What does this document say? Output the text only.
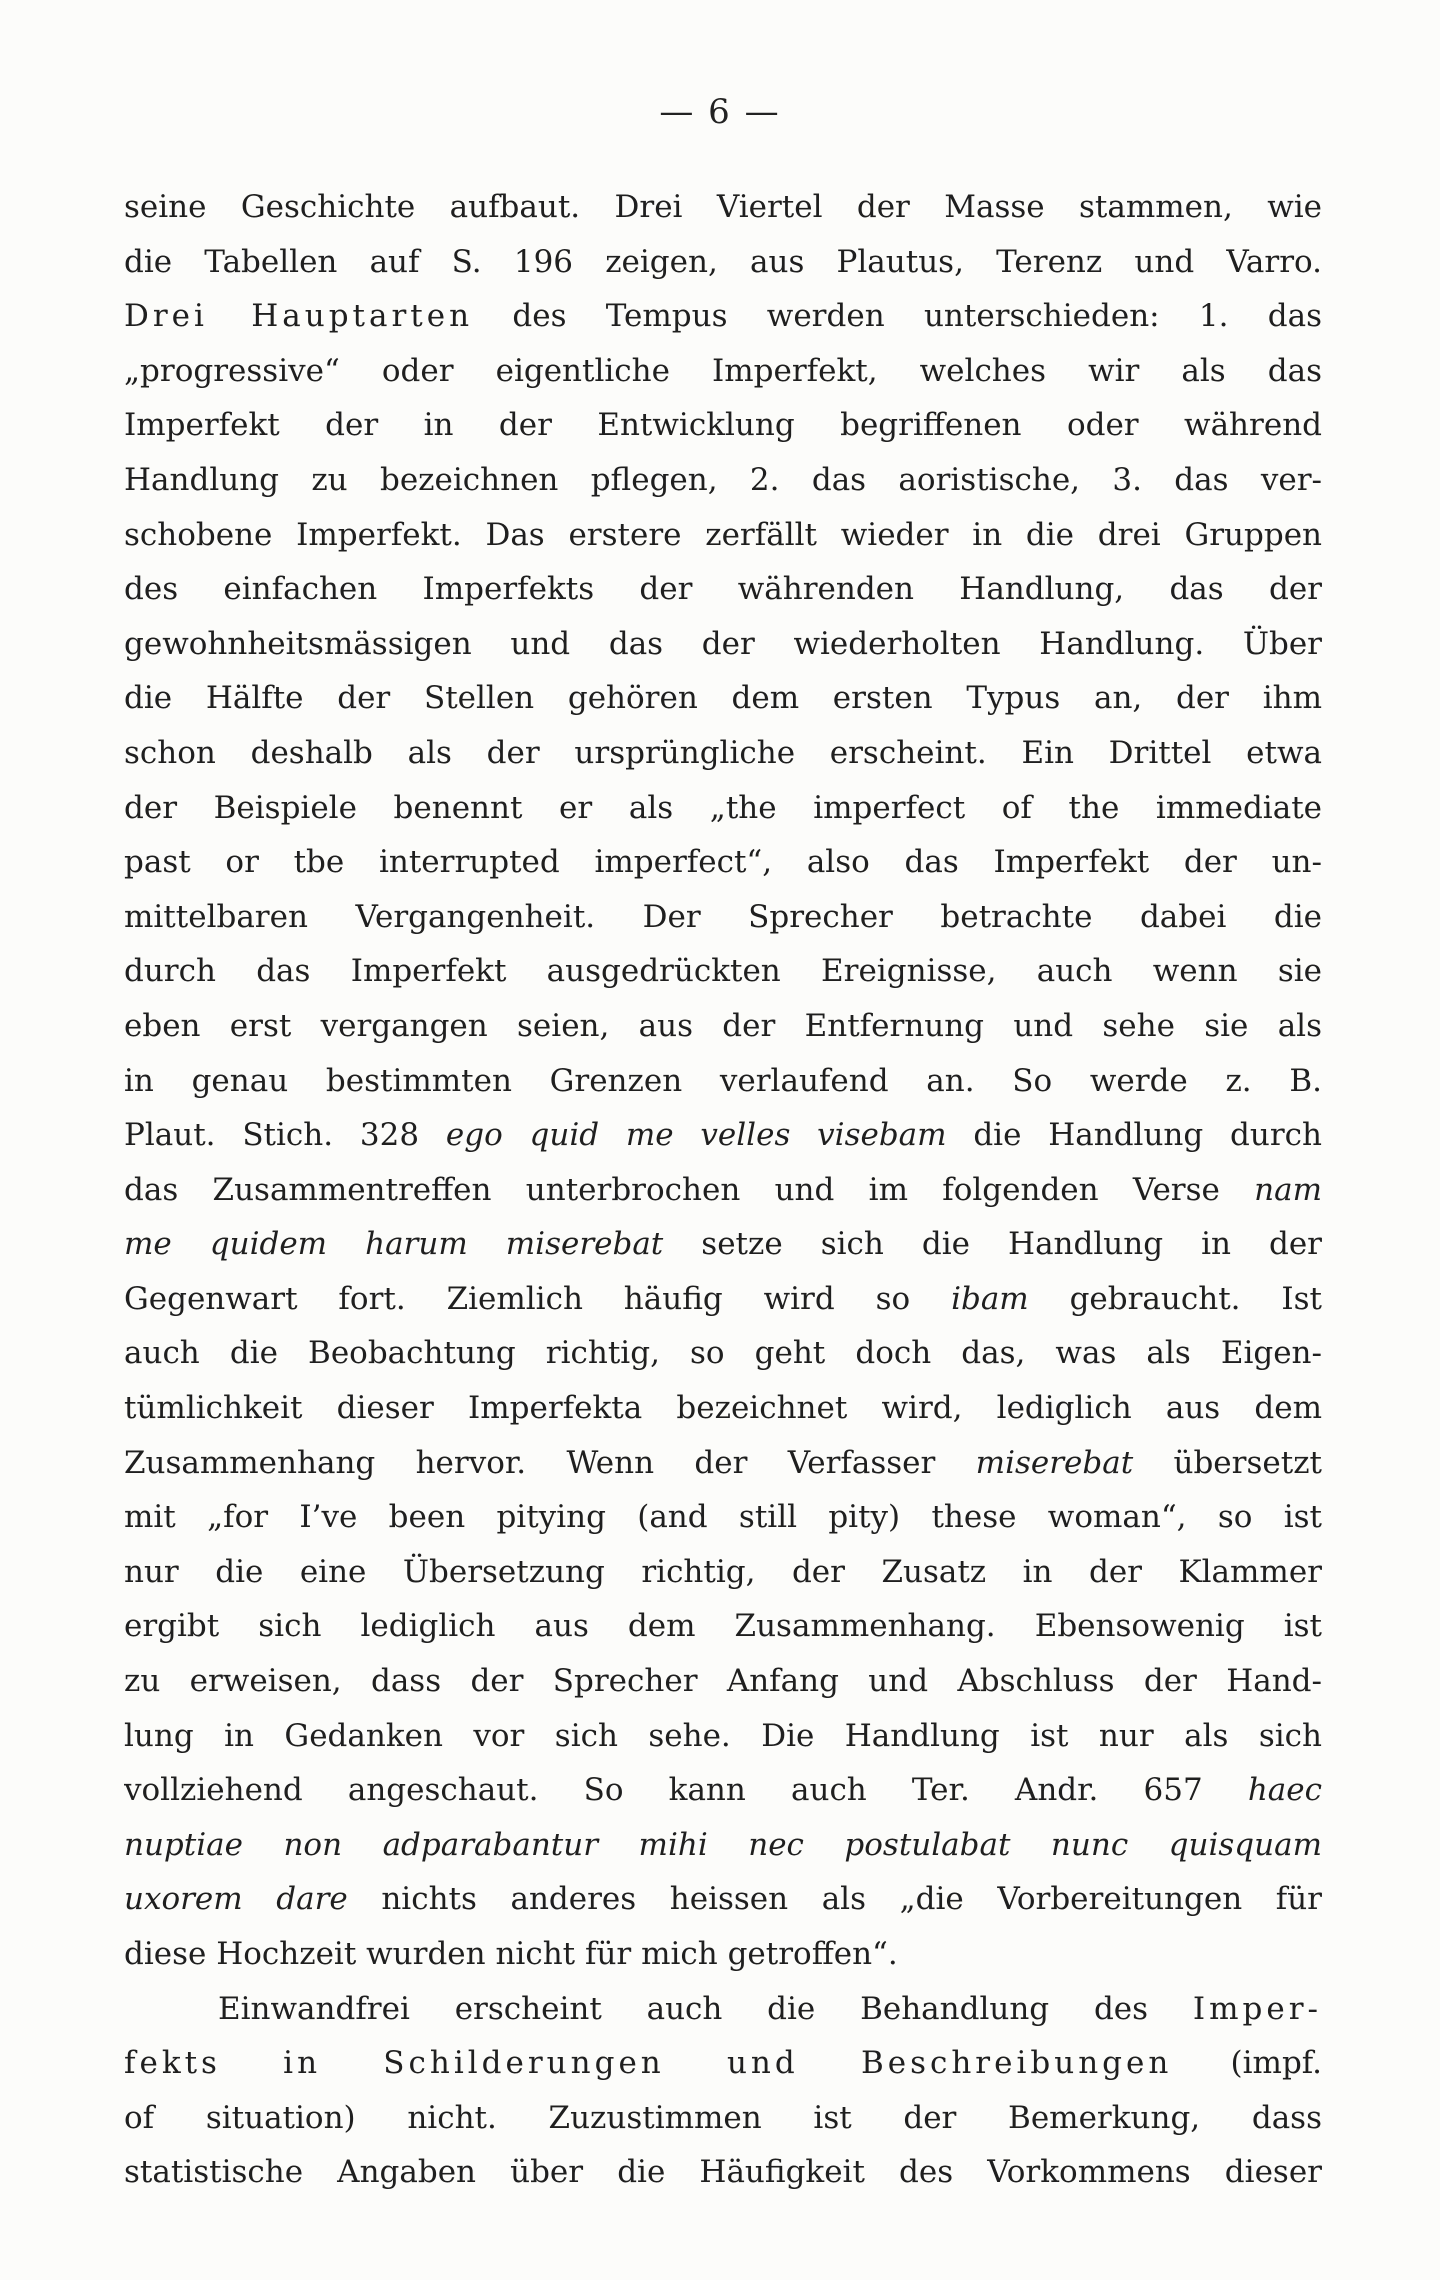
— 6 —
seine Geschichte aufbaut. Drei Viertel der Masse stammen, wie
die Tabellen auf S. 196 zeigen, aus Plautus, Terenz und Varro.
Drei Hauptarten des Tempus werden unterschieden: 1. das
„progressive“ oder eigentliche Imperfekt, welches wir als das
Imperfekt der in der Entwicklung begriffenen oder während
Handlung zu bezeichnen pflegen, 2. das aoristische, 3. das ver-
schobene Imperfekt. Das erstere zerfällt wieder in die drei Gruppen
des einfachen Imperfekts der währenden Handlung, das der
gewohnheitsmässigen und das der wiederholten Handlung. Über
die Hälfte der Stellen gehören dem ersten Typus an, der ihm
schon deshalb als der ursprüngliche erscheint. Ein Drittel etwa
der Beispiele benennt er als „the imperfect of the immediate
past or tbe interrupted imperfect“, also das Imperfekt der un-
mittelbaren Vergangenheit. Der Sprecher betrachte dabei die
durch das Imperfekt ausgedrückten Ereignisse, auch wenn sie
eben erst vergangen seien, aus der Entfernung und sehe sie als
in genau bestimmten Grenzen verlaufend an. So werde z. B.
Plaut. Stich. 328 ego quid me velles visebam die Handlung durch
das Zusammentreffen unterbrochen und im folgenden Verse nam
me quidem harum miserebat setze sich die Handlung in der
Gegenwart fort. Ziemlich häufig wird so ibam gebraucht. Ist
auch die Beobachtung richtig, so geht doch das, was als Eigen-
tümlichkeit dieser Imperfekta bezeichnet wird, lediglich aus dem
Zusammenhang hervor. Wenn der Verfasser miserebat übersetzt
mit „for I’ve been pitying (and still pity) these woman“, so ist
nur die eine Übersetzung richtig, der Zusatz in der Klammer
ergibt sich lediglich aus dem Zusammenhang. Ebensowenig ist
zu erweisen, dass der Sprecher Anfang und Abschluss der Hand-
lung in Gedanken vor sich sehe. Die Handlung ist nur als sich
vollziehend angeschaut. So kann auch Ter. Andr. 657 haec
nuptiae non adparabantur mihi nec postulabat nunc quisquam
uxorem dare nichts anderes heissen als „die Vorbereitungen für
diese Hochzeit wurden nicht für mich getroffen“.
Einwandfrei erscheint auch die Behandlung des Imper-
fekts in Schilderungen und Beschreibungen (impf.
of situation) nicht. Zuzustimmen ist der Bemerkung, dass
statistische Angaben über die Häufigkeit des Vorkommens dieser
